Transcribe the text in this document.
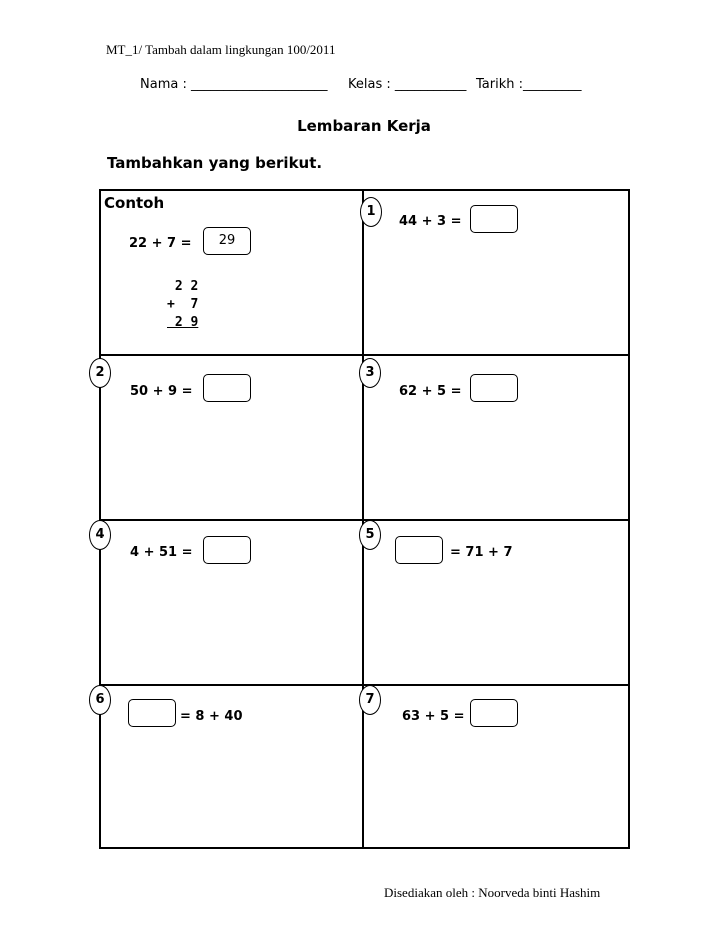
MT_1/ Tambah dalam lingkungan 100/2011
Nama : _____________________ Kelas : ___________ Tarikh :_________
Lembaran Kerja
Tambahkan yang berikut.
Contoh
22 + 7 =	29
2 2
+  7
2 9
1
44 + 3 =
2
50 + 9 =
3
62 + 5 =
4
4 + 51 =
5
= 71 + 7
6
= 8 + 40
7
63 + 5 =
Disediakan oleh : Noorveda binti Hashim
